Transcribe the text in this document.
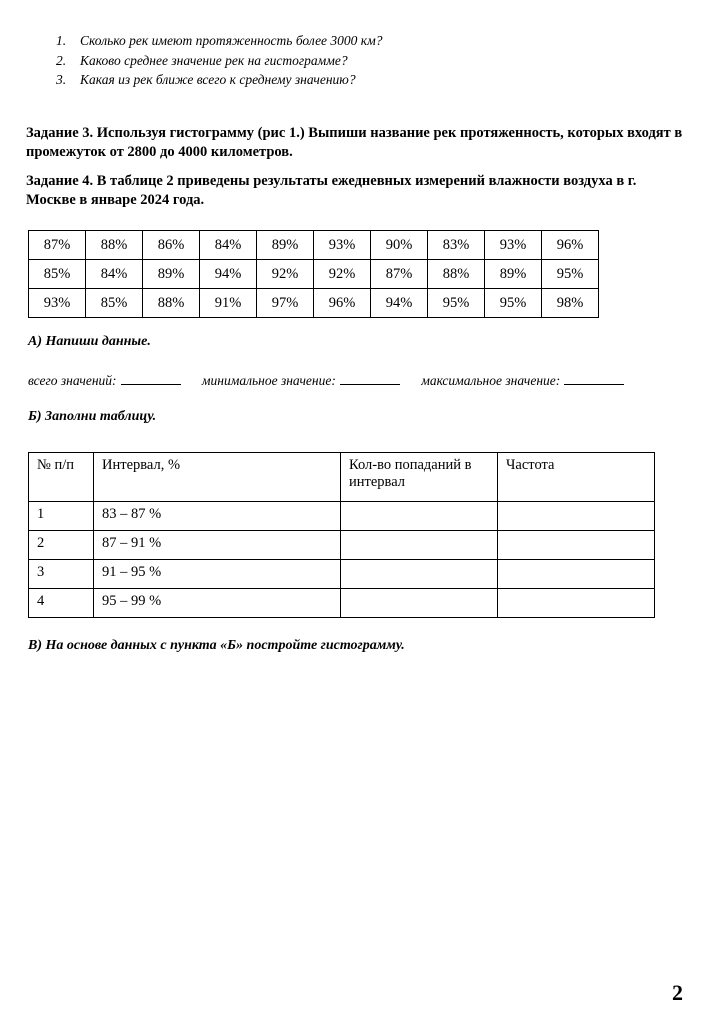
1.	Сколько рек имеют протяженность более 3000 км?
2.	Каково среднее значение рек на гистограмме?
3.	Какая из рек ближе всего к среднему значению?
Задание 3. Используя гистограмму (рис 1.) Выпиши название рек протяженность, которых входят в промежуток от 2800 до 4000 километров.
Задание 4. В таблице 2 приведены результаты ежедневных измерений влажности воздуха в г. Москве в январе 2024 года.
87%	88%	86%	84%	89%	93%	90%	83%	93%	96%
85%	84%	89%	94%	92%	92%	87%	88%	89%	95%
93%	85%	88%	91%	97%	96%	94%	95%	95%	98%
А) Напиши данные.
всего значений:	минимальное значение:	максимальное значение:
Б) Заполни таблицу.
№ п/п	Интервал, %	Кол-во попаданий в интервал	Частота
1	83 – 87 %		
2	87 – 91 %		
3	91 – 95 %		
4	95 – 99 %		
В) На основе данных с пункта «Б» постройте гистограмму.
2
